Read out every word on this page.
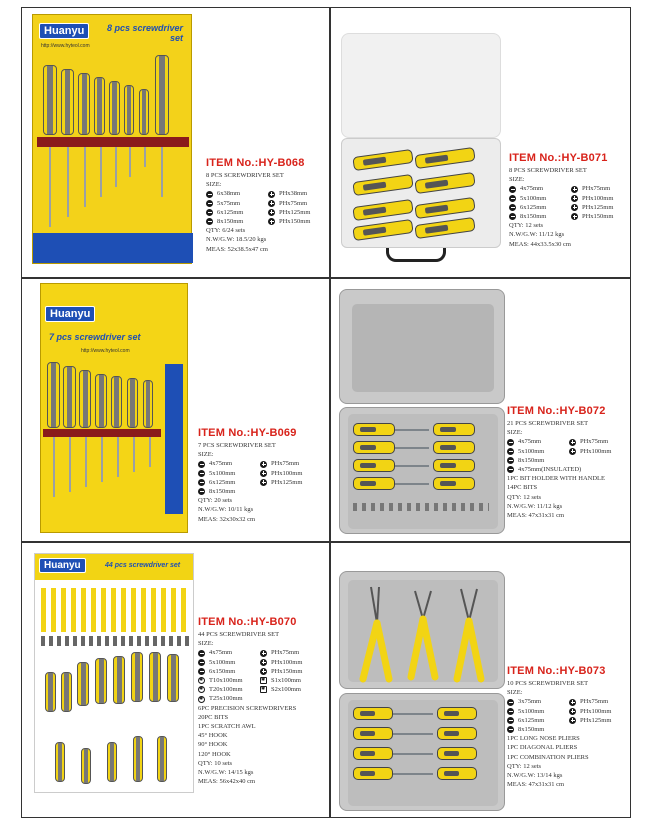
Huanyu	8 pcs screwdriver set
http://www.hyteol.com
ITEM No.:HY-B068
8 PCS SCREWDRIVER SET
SIZE:
6x38mm	PHx38mm
5x75mm	PHx75mm
6x125mm	PHx125mm
8x150mm	PHx150mm
QTY: 6/24 sets
N.W/G.W: 18.5/20 kgs
MEAS: 52x38.5x47 cm
ITEM No.:HY-B071
8 PCS SCREWDRIVER SET
SIZE:
4x75mm	PHx75mm
5x100mm	PHx100mm
6x125mm	PHx125mm
8x150mm	PHx150mm
QTY: 12 sets
N.W/G.W: 11/12 kgs
MEAS: 44x33.5x30 cm
Huanyu
7 pcs screwdriver set
http://www.hyteol.com
ITEM No.:HY-B069
7 PCS SCREWDRIVER SET
SIZE:
4x75mm	PHx75mm
5x100mm	PHx100mm
6x125mm	PHx125mm
8x150mm
QTY: 20 sets
N.W/G.W: 10/11 kgs
MEAS: 32x30x32 cm
ITEM No.:HY-B072
21 PCS SCREWDRIVER SET
SIZE:
4x75mm	PHx75mm
5x100mm	PHx100mm
8x150mm
4x75mm(INSULATED)
1PC BIT HOLDER WITH HANDLE
14PC BITS
QTY: 12 sets
N.W/G.W: 11/12 kgs
MEAS: 47x31x31 cm
Huanyu	44 pcs screwdriver set
ITEM No.:HY-B070
44 PCS SCREWDRIVER SET
SIZE:
4x75mm	PHx75mm
5x100mm	PHx100mm
6x150mm	PHx150mm
✱
T10x100mm ✱	S1x100mm
✱
T20x100mm ✱	S2x100mm
✱
T25x100mm
6PC PRECISION SCREWDRIVERS
20PC BITS
1PC SCRATCH AWL
45° HOOK
90° HOOK
120° HOOK
QTY: 10 sets
N.W/G.W: 14/15 kgs
MEAS: 56x42x40 cm
ITEM No.:HY-B073
10 PCS SCREWDRIVER SET
SIZE:
3x75mm	PHx75mm
5x100mm	PHx100mm
6x125mm	PHx125mm
8x150mm
1PC LONG NOSE PLIERS
1PC DIAGONAL PLIERS
1PC COMBINATION PLIERS
QTY: 12 sets
N.W/G.W: 13/14 kgs
MEAS: 47x31x31 cm
